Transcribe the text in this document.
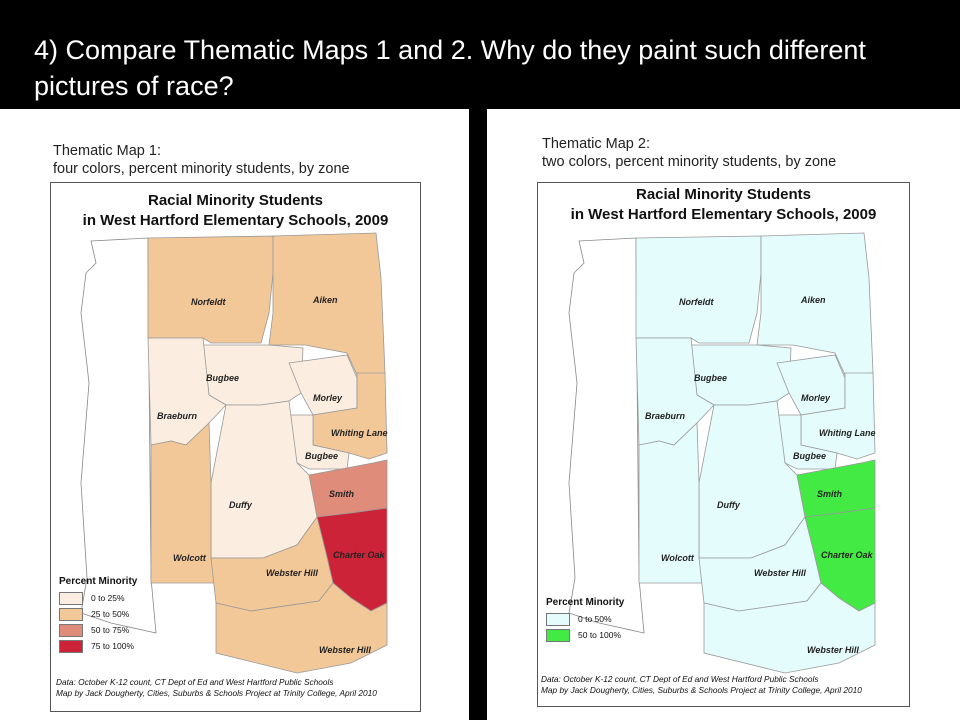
4) Compare Thematic Maps 1 and 2. Why do they paint such different pictures of race?
Thematic Map 1:
four colors, percent minority students, by zone
Racial Minority Students
in West Hartford Elementary Schools, 2009
Norfeldt	Aiken
Bugbee
Braeburn
Morley
Whiting Lane
Bugbee
Smith
Duffy
Charter Oak
Wolcott
Webster Hill
Webster Hill
Percent Minority
0 to 25%
25 to 50%
50 to 75%
75 to 100%
Data: October K-12 count, CT Dept of Ed and West Hartford Public Schools
Map by Jack Dougherty, Cities, Suburbs & Schools Project at Trinity College, April 2010
Thematic Map 2:
two colors, percent minority students, by zone
Racial Minority Students
in West Hartford Elementary Schools, 2009
Norfeldt	Aiken
Bugbee
Braeburn
Morley
Whiting Lane
Bugbee
Smith
Duffy
Charter Oak
Wolcott
Webster Hill
Webster Hill
Percent Minority
0 to 50%
50 to 100%
Data: October K-12 count, CT Dept of Ed and West Hartford Public Schools
Map by Jack Dougherty, Cities, Suburbs & Schools Project at Trinity College, April 2010
